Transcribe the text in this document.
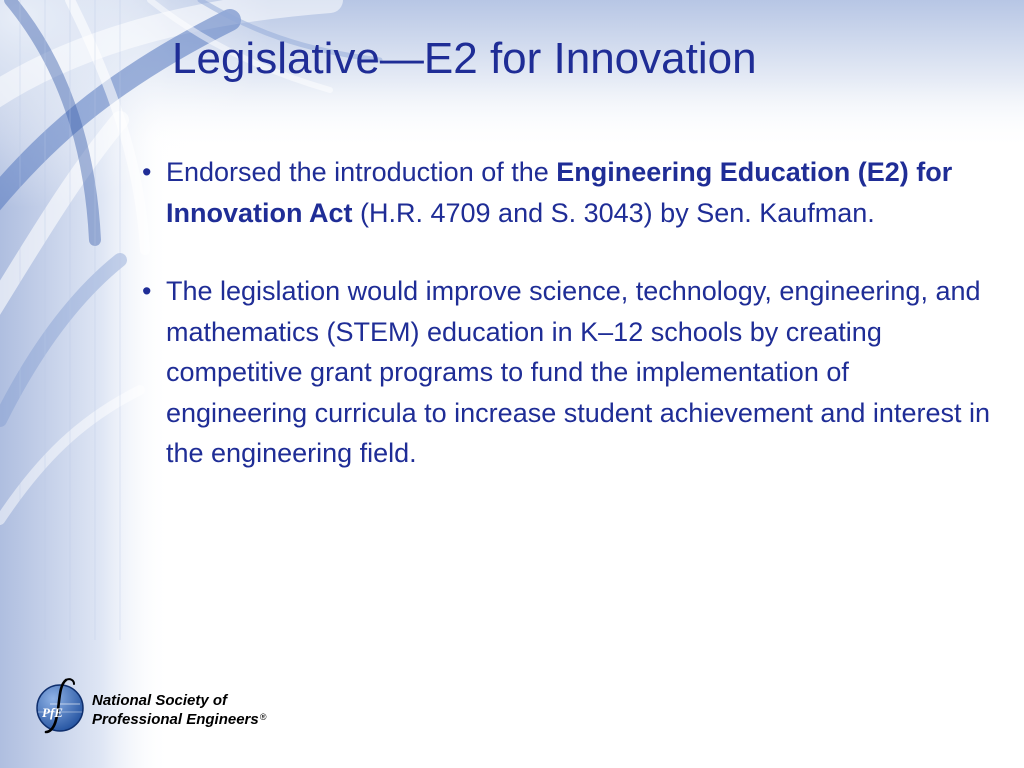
Legislative—E2 for Innovation
• Endorsed the introduction of the Engineering Education (E2) for Innovation Act (H.R. 4709 and S. 3043) by Sen. Kaufman.
• The legislation would improve science, technology, engineering, and mathematics (STEM) education in K–12 schools by creating competitive grant programs to fund the implementation of engineering curricula to increase student achievement and interest in the engineering field.
PfE
National Society of
Professional Engineers®
